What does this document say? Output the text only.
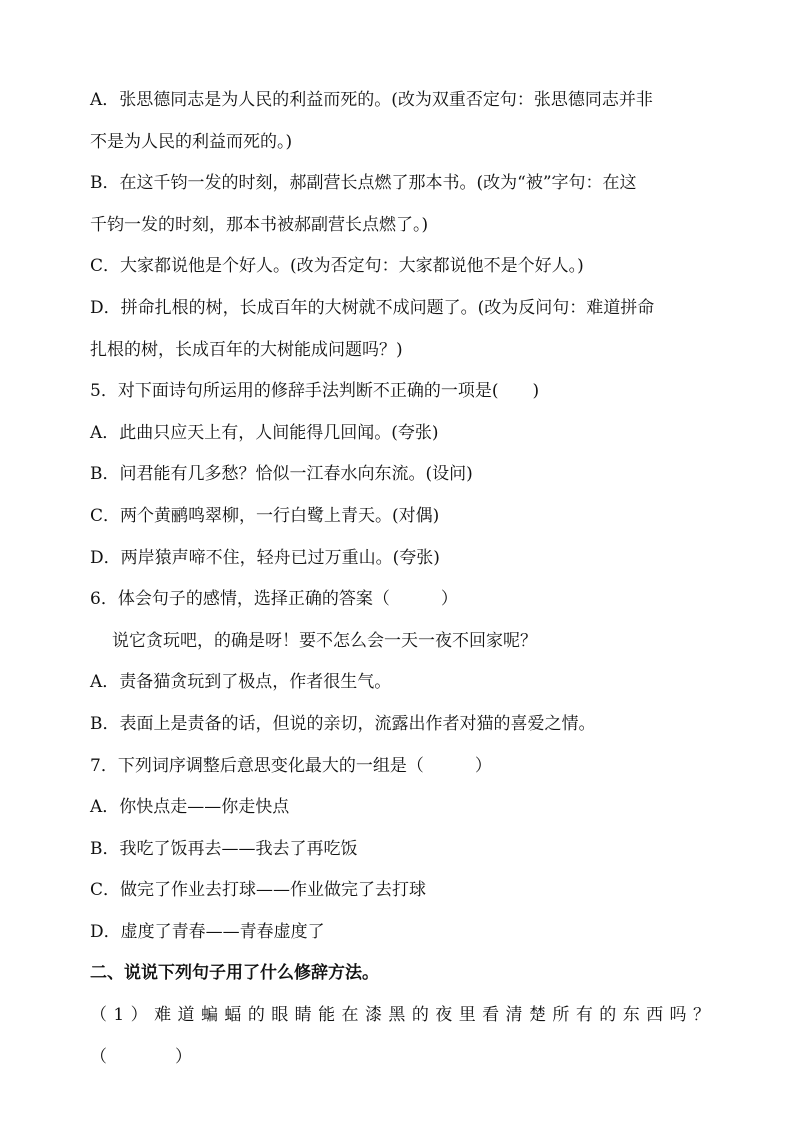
A．张思德同志是为人民的利益而死的。(改为双重否定句：张思德同志并非
不是为人民的利益而死的。)
B．在这千钧一发的时刻，郝副营长点燃了那本书。(改为“被”字句：在这
千钧一发的时刻，那本书被郝副营长点燃了。)
C．大家都说他是个好人。(改为否定句：大家都说他不是个好人。)
D．拼命扎根的树，长成百年的大树就不成问题了。(改为反问句：难道拼命
扎根的树，长成百年的大树能成问题吗？)
5．对下面诗句所运用的修辞手法判断不正确的一项是(　　)
A．此曲只应天上有，人间能得几回闻。(夸张)
B．问君能有几多愁？恰似一江春水向东流。(设问)
C．两个黄鹂鸣翠柳，一行白鹭上青天。(对偶)
D．两岸猿声啼不住，轻舟已过万重山。(夸张)
6．体会句子的感情，选择正确的答案（　　　）
说它贪玩吧，的确是呀！要不怎么会一天一夜不回家呢？
A．责备猫贪玩到了极点，作者很生气。
B．表面上是责备的话，但说的亲切，流露出作者对猫的喜爱之情。
7．下列词序调整后意思变化最大的一组是（　　　）
A．你快点走——你走快点
B．我吃了饭再去——我去了再吃饭
C．做完了作业去打球——作业做完了去打球
D．虚度了青春——青春虚度了
二、说说下列句子用了什么修辞方法。
（1）难道蝙蝠的眼睛能在漆黑的夜里看清楚所有的东西吗？
（　　　　）
